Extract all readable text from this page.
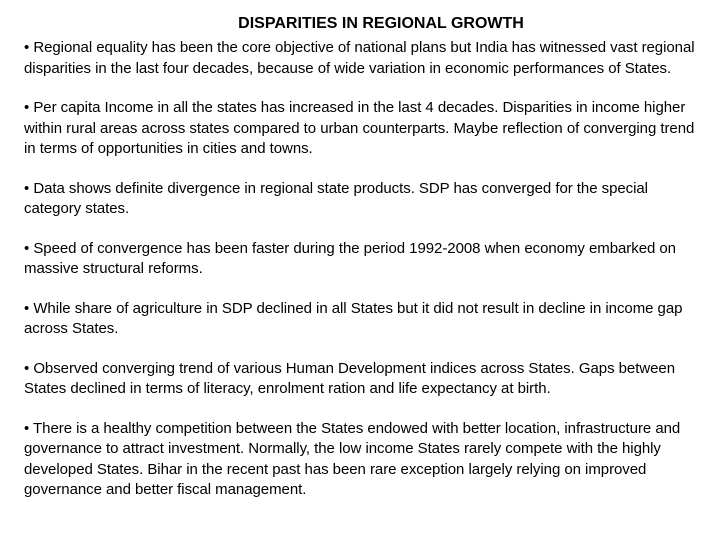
DISPARITIES IN REGIONAL GROWTH
• Regional equality has been the core objective of national plans but India has witnessed vast regional disparities in the last four decades, because of wide variation in economic performances of States.
• Per capita Income in all the states has increased in the last 4 decades. Disparities in income higher within rural areas across states compared to urban counterparts. Maybe reflection of converging trend in terms of opportunities in cities and towns.
• Data shows definite divergence in regional state products. SDP has converged for the special category states.
• Speed of convergence has been faster during the period 1992-2008 when economy embarked on massive structural reforms.
• While share of agriculture in SDP declined in all States but it did not result in decline in income gap across States.
• Observed converging trend of various Human Development indices across States. Gaps between States declined in terms of literacy, enrolment ration and life expectancy at birth.
• There is a healthy competition between the States endowed with better location, infrastructure and governance to attract investment. Normally, the low income States rarely compete with the highly developed States. Bihar in the recent past has been rare exception largely relying on improved governance and better fiscal management.
